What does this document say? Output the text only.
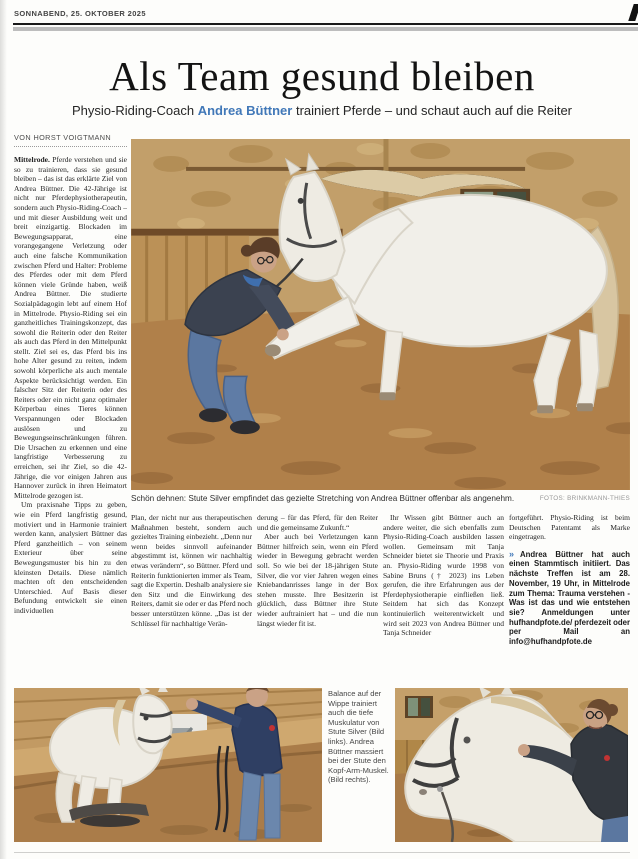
SONNABEND, 25. OKTOBER 2025
Als Team gesund bleiben
Physio-Riding-Coach Andrea Büttner trainiert Pferde – und schaut auch auf die Reiter
VON HORST VOIGTMANN

Mittelrode. Pferde verstehen und sie so zu trainieren, dass sie gesund bleiben – das ist das erklärte Ziel von Andrea Büttner. Die 42-Jährige ist nicht nur Pferdephysiotherapeutin, sondern auch Physio-Riding-Coach – und mit dieser Ausbildung weit und breit einzigartig. Blockaden im Bewegungsapparat, eine vorangegangene Verletzung oder auch eine falsche Kommunikation zwischen Pferd und Halter: Probleme des Pferdes oder mit dem Pferd können viele Gründe haben, weiß Andrea Büttner. Die studierte Sozialpädagogin lebt auf einem Hof in Mittelrode. Physio-Riding sei ein ganzheitliches Trainingskonzept, das sowohl die Reiterin oder den Reiter als auch das Pferd in den Mittelpunkt stellt. Ziel sei es, das Pferd bis ins hohe Alter gesund zu reiten, indem sowohl körperliche als auch mentale Aspekte berücksichtigt werden. Ein falscher Sitz der Reiterin oder des Reiters oder ein nicht ganz optimaler Körperbau eines Tieres können Verspannungen oder Blockaden auslösen und zu Bewegungseinschränkungen führen. Die Ursachen zu erkennen und eine langfristige Verbesserung zu erreichen, sei ihr Ziel, so die 42-Jährige, die vor einigen Jahren aus Hannover zurück in ihren Heimatort Mittelrode gezogen ist.

Um praxisnahe Tipps zu geben, wie ein Pferd langfristig gesund, motiviert und in Harmonie trainiert werden kann, analysiert Büttner das Pferd ganzheitlich – von seinem Exterieur über seine Bewegungsmuster bis hin zu den kleinsten Details. Diese nämlich machten oft den entscheidenden Unterschied. Auf Basis dieser Befundung entwickelt sie einen individuellen

FOTOS: BRINKMANN-THIES
Schön dehnen: Stute Silver empfindet das gezielte Stretching von Andrea Büttner offenbar als angenehm.

Plan, der nicht nur aus therapeutischen Maßnahmen besteht, sondern auch gezieltes Training einbezieht. „Denn nur wenn beides sinnvoll aufeinander abgestimmt ist, können wir nachhaltig etwas verändern“, so Büttner. Pferd und Reiterin funktionierten immer als Team, sagt die Expertin. Deshalb analysiere sie den Sitz und die Einwirkung des Reiters, damit sie oder er das Pferd noch besser unterstützen könne. „Das ist der Schlüssel für nachhaltige Verän-

derung – für das Pferd, für den Reiter und die gemeinsame Zukunft.“

Aber auch bei Verletzungen kann Büttner hilfreich sein, wenn ein Pferd wieder in Bewegung gebracht werden soll. So wie bei der 18-jährigen Stute Silver, die vor vier Jahren wegen eines Kniebandanrisses lange in der Box stehen musste. Ihre Besitzerin ist glücklich, dass Büttner ihre Stute wieder auftrainiert hat – und die nun längst wieder fit ist.

Ihr Wissen gibt Büttner auch an andere weiter, die sich ebenfalls zum Physio-Riding-Coach ausbilden lassen wollen. Gemeinsam mit Tanja Schneider bietet sie Theorie und Praxis an. Physio-Riding wurde 1998 von Sabine Bruns († 2023) ins Leben gerufen, die ihre Erfahrungen aus der Pferdephysiotherapie einfließen ließ. Seitdem hat sich das Konzept kontinuierlich weiterentwickelt und wird seit 2023 von Andrea Büttner und Tanja Schneider

fortgeführt. Physio-Riding ist beim Deutschen Patentamt als Marke eingetragen.

» Andrea Büttner hat auch einen Stammtisch initiiert. Das nächste Treffen ist am 28. November, 19 Uhr, in Mittelrode zum Thema: Trauma verstehen - Was ist das und wie entstehen sie? Anmeldungen unter hufhandpfote.de/ pferdezeit oder per Mail an info@hufhandpfote.de
Balance auf der Wippe trainiert auch die tiefe Muskulatur von Stute Silver (Bild links). Andrea Büttner massiert bei der Stute den Kopf-Arm-Muskel. (Bild rechts).
